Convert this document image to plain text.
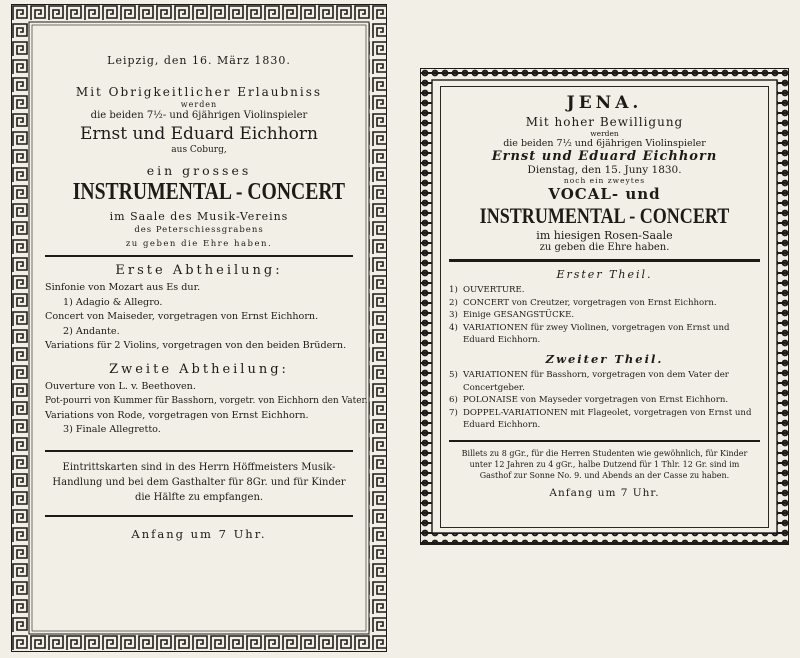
Leipzig, den 16. März 1830.
Mit Obrigkeitlicher Erlaubniss
werden
die beiden 7½- und 6jährigen Violinspieler
Ernst und Eduard Eichhorn
aus Coburg,
ein grosses
INSTRUMENTAL - CONCERT
im Saale des Musik-Vereins
des Peterschiessgrabens
zu geben die Ehre haben.
Erste Abtheilung:
Sinfonie von Mozart aus Es dur.
1) Adagio & Allegro.
Concert von Maiseder, vorgetragen von Ernst Eichhorn.
2) Andante.
Variations für 2 Violins, vorgetragen von den beiden Brüdern.
Zweite Abtheilung:
Ouverture von L. v. Beethoven.
Pot-pourri von Kummer für Basshorn, vorgetr. von Eichhorn den Vater.
Variations von Rode, vorgetragen von Ernst Eichhorn.
3) Finale Allegretto.
Eintrittskarten sind in des Herrn Höffmeisters Musik-Handlung und bei dem Gasthalter für 8Gr. und für Kinder die Hälfte zu empfangen.
Anfang um 7 Uhr.
JENA.
Mit hoher Bewilligung
werden
die beiden 7½ und 6jährigen Violinspieler
Ernst und Eduard Eichhorn
Dienstag, den 15. Juny 1830.
noch ein zweytes
VOCAL- und
INSTRUMENTAL - CONCERT
im hiesigen Rosen-Saale
zu geben die Ehre haben.
Erster Theil.
1) OUVERTURE.
2) CONCERT von Creutzer, vorgetragen von Ernst Eichhorn.
3) Einige GESANGSTÜCKE.
4) VARIATIONEN für zwey Violinen, vorgetragen von Ernst und Eduard Eichhorn.
Zweiter Theil.
5) VARIATIONEN für Basshorn, vorgetragen von dem Vater der Concertgeber.
6) POLONAISE von Mayseder vorgetragen von Ernst Eichhorn.
7) DOPPEL-VARIATIONEN mit Flageolet, vorgetragen von Ernst und Eduard Eichhorn.
Billets zu 8 gGr., für die Herren Studenten wie gewöhnlich, für Kinder unter 12 Jahren zu 4 gGr., halbe Dutzend für 1 Thlr. 12 Gr. sind im Gasthof zur Sonne No. 9. und Abends an der Casse zu haben.
Anfang um 7 Uhr.
